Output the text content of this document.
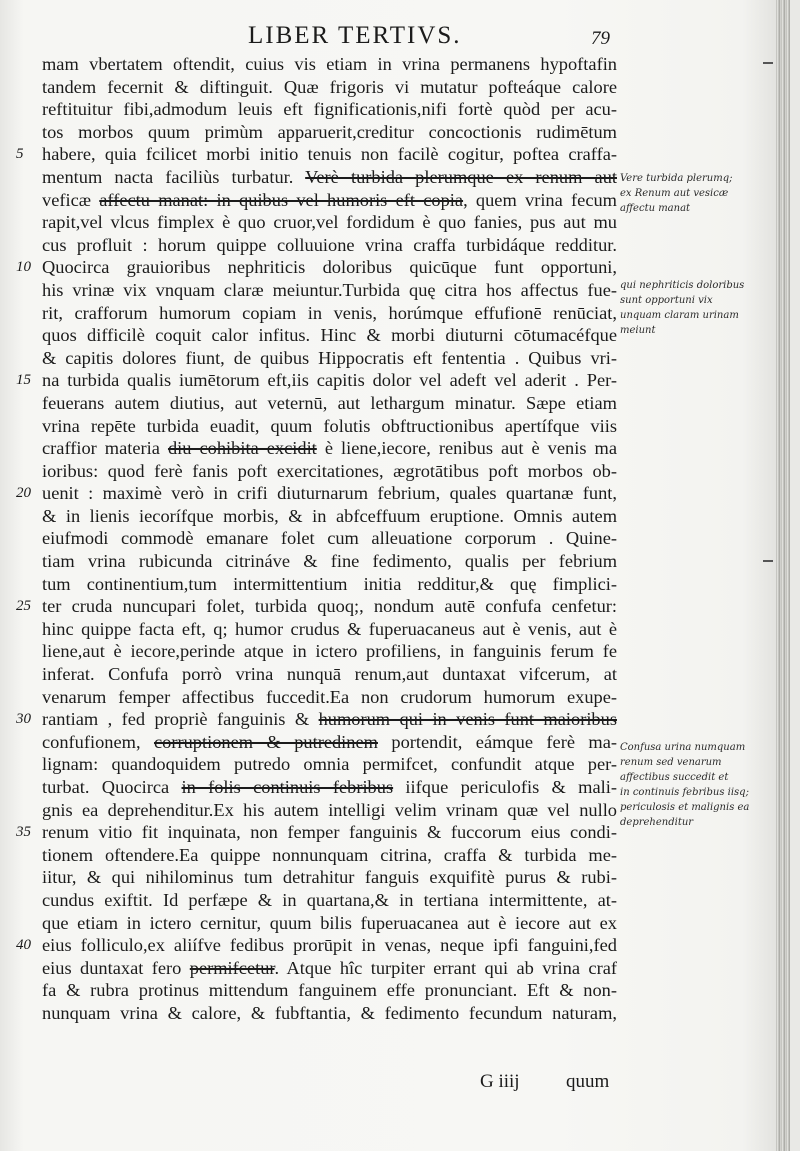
LIBER TERTIVS.	79
mam vbertatem oftendit, cuius vis etiam in vrina permanens hypoftafin
tandem fecernit & diftinguit. Quæ frigoris vi mutatur pofteáque calore
reftituitur fibi,admodum leuis eft fignificationis,nifi fortè quòd per acu-
tos morbos quum primùm apparuerit,creditur concoctionis rudimētum
5	habere, quia fcilicet morbi initio tenuis non facilè cogitur, poftea craffa-
mentum nacta faciliùs turbatur. Verè turbida plerumque ex renum aut
veficæ affectu manat: in quibus vel humoris eft copia, quem vrina fecum
rapit,vel vlcus fimplex è quo cruor,vel fordidum è quo fanies, pus aut mu
cus profluit : horum quippe colluuione vrina craffa turbidáque redditur.
10 Quocirca grauioribus nephriticis doloribus quicūque funt opportuni,
his vrinæ vix vnquam claræ meiuntur.Turbida quę citra hos affectus fue-
rit, crafforum humorum copiam in venis, horúmque effufionē renūciat,
quos difficilè coquit calor infitus. Hinc & morbi diuturni cōtumacéfque
& capitis dolores fiunt, de quibus Hippocratis eft fententia . Quibus vri-
15 na turbida qualis iumētorum eft,iis capitis dolor vel adeft vel aderit . Per-
feuerans autem diutius, aut veternū, aut lethargum minatur. Sæpe etiam
vrina repēte turbida euadit, quum folutis obftructionibus apertífque viis
craffior materia diu cohibita excidit è liene,iecore, renibus aut è venis ma
ioribus: quod ferè fanis poft exercitationes, ægrotātibus poft morbos ob-
20 uenit : maximè verò in crifi diuturnarum febrium, quales quartanæ funt,
& in lienis iecorífque morbis, & in abfceffuum eruptione. Omnis autem
eiufmodi commodè emanare folet cum alleuatione corporum . Quine-
tiam vrina rubicunda citrináve & fine fedimento, qualis per febrium
tum continentium,tum intermittentium initia redditur,& quę fimplici-
25 ter cruda nuncupari folet, turbida quoq;, nondum autē confufa cenfetur:
hinc quippe facta eft, q; humor crudus & fuperuacaneus aut è venis, aut è
liene,aut è iecore,perinde atque in ictero profiliens, in fanguinis ferum fe
inferat. Confufa porrò vrina nunquā renum,aut duntaxat vifcerum, at
venarum femper affectibus fuccedit.Ea non crudorum humorum exupe-
30 rantiam , fed propriè fanguinis & humorum qui in venis funt maioribus
confufionem, corruptionem & putredinem portendit, eámque ferè ma-
lignam: quandoquidem putredo omnia permifcet, confundit atque per-
turbat. Quocirca in folis continuis febribus iifque periculofis & mali-
gnis ea deprehenditur.Ex his autem intelligi velim vrinam quæ vel nullo
35 renum vitio fit inquinata, non femper fanguinis & fuccorum eius condi-
tionem oftendere.Ea quippe nonnunquam citrina, craffa & turbida me-
iitur, & qui nihilominus tum detrahitur fanguis exquifitè purus & rubi-
cundus exiftit. Id perfæpe & in quartana,& in tertiana intermittente, at-
que etiam in ictero cernitur, quum bilis fuperuacanea aut è iecore aut ex
40 eius folliculo,ex aliífve fedibus prorūpit in venas, neque ipfi fanguini,fed
eius duntaxat fero permifcetur. Atque hîc turpiter errant qui ab vrina craf
fa & rubra protinus mittendum fanguinem effe pronunciant. Eft & non-
nunquam vrina & calore, & fubftantia, & fedimento fecundum naturam,
Vere turbida plerumq;
ex Renum aut vesicæ
affectu manat
qui nephriticis doloribus
sunt opportuni vix
unquam claram urinam
meiunt
Confusa urina numquam
renum sed venarum
affectibus succedit et
in continuis febribus iisq;
periculosis et malignis ea
deprehenditur
G iiij quum
